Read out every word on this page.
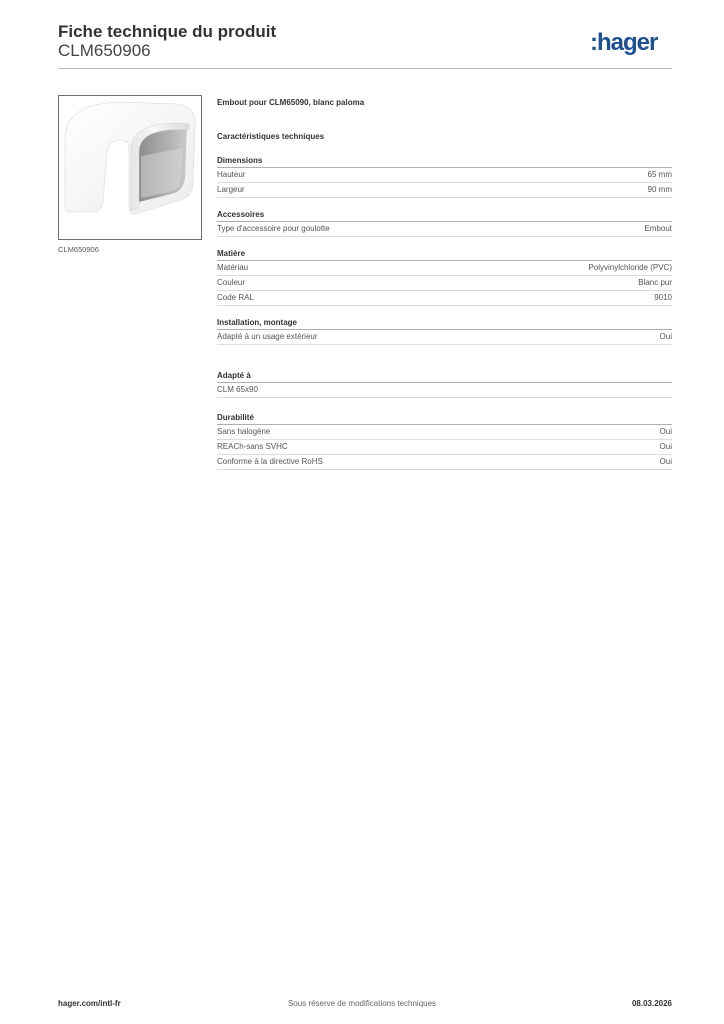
Fiche technique du produit
CLM650906	:hager
CLM650906
Embout pour CLM65090, blanc paloma
Caractéristiques techniques
Dimensions
Hauteur	65 mm
Largeur	90 mm
Accessoires
Type d'accessoire pour goulotte	Embout
Matière
Matériau	Polyvinylchloride (PVC)
Couleur	Blanc pur
Code RAL	9010
Installation, montage
Adapté à un usage extérieur	Oui
Adapté à
CLM 65x90
Durabilité
Sans halogène	Oui
REACh-sans SVHC	Oui
Conforme à la directive RoHS	Oui
hager.com/intl-fr	Sous réserve de modifications techniques	08.03.2026
